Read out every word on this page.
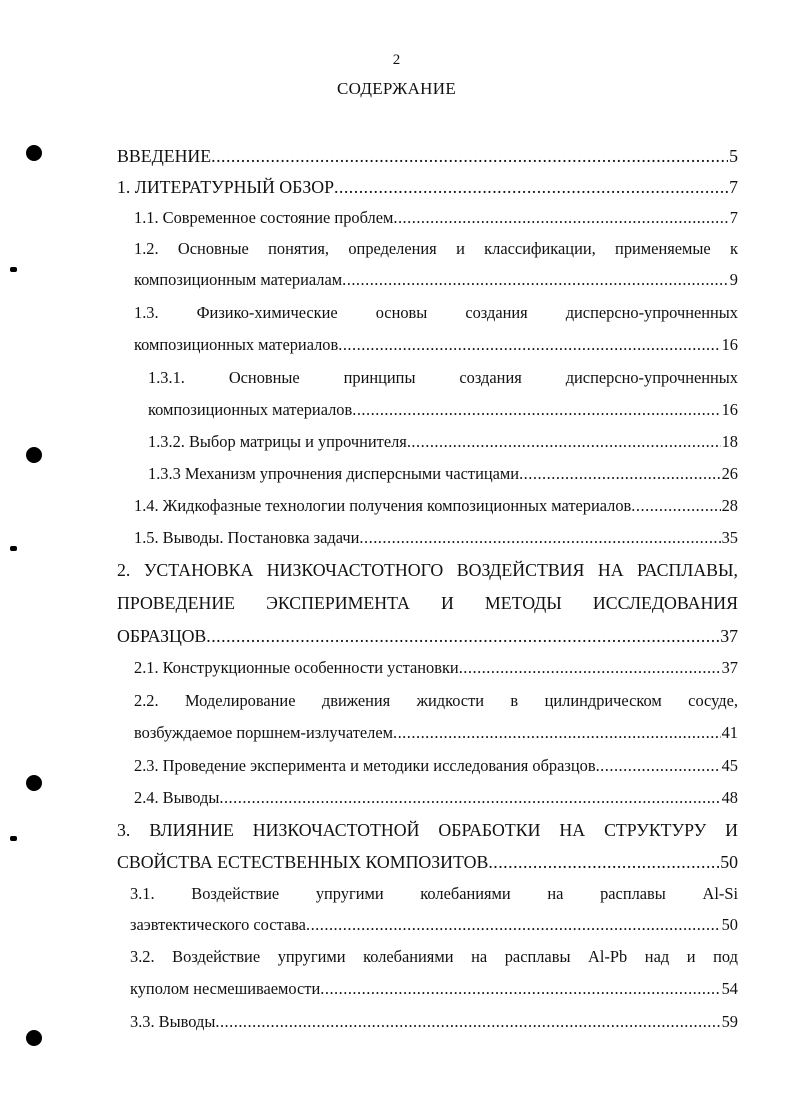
2
СОДЕРЖАНИЕ
ВВЕДЕНИЕ .....	5
1. ЛИТЕРАТУРНЫЙ ОБЗОР .....	7
1.1. Современное состояние проблем .....	7
1.2. Основные понятия, определения и классификации, применяемые к
композиционным материалам .....	9
1.3. Физико-химические основы создания дисперсно-упрочненных
композиционных материалов .....	16
1.3.1. Основные принципы создания дисперсно-упрочненных
композиционных материалов .....	16
1.3.2. Выбор матрицы и упрочнителя .....	18
1.3.3 Механизм упрочнения дисперсными частицами .....	26
1.4. Жидкофазные технологии получения композиционных материалов .....	28
1.5. Выводы. Постановка задачи .....	35
2. УСТАНОВКА НИЗКОЧАСТОТНОГО ВОЗДЕЙСТВИЯ НА РАСПЛАВЫ,
ПРОВЕДЕНИЕ ЭКСПЕРИМЕНТА И МЕТОДЫ ИССЛЕДОВАНИЯ
ОБРАЗЦОВ .....	37
2.1. Конструкционные особенности установки .....	37
2.2. Моделирование движения жидкости в цилиндрическом сосуде,
возбуждаемое поршнем-излучателем .....	41
2.3. Проведение эксперимента и методики исследования образцов .....	45
2.4. Выводы .....	48
3. ВЛИЯНИЕ НИЗКОЧАСТОТНОЙ ОБРАБОТКИ НА СТРУКТУРУ И
СВОЙСТВА ЕСТЕСТВЕННЫХ КОМПОЗИТОВ .....	50
3.1. Воздействие упругими колебаниями на расплавы Al-Si
заэвтектического состава .....	50
3.2. Воздействие упругими колебаниями на расплавы Al-Pb над и под
куполом несмешиваемости .....	54
3.3. Выводы .....	59
